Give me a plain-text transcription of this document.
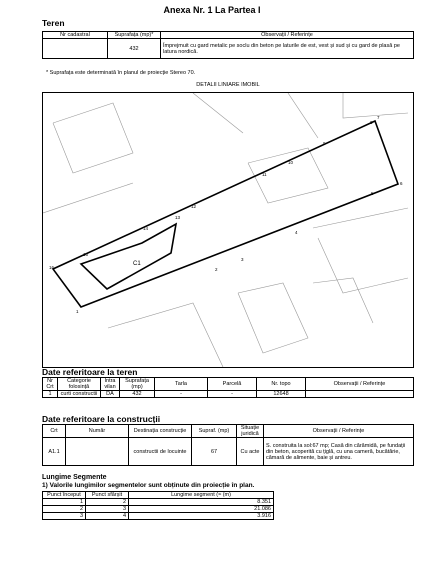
Anexa Nr. 1 La Partea I
Teren
Nr cadastral	Suprafața (mp)*	Observații / Referințe
	432	Împrejmuit cu gard metalic pe soclu din beton pe laturile de est, vest și sud și cu gard de plasă pe latura nordică.
* Suprafața este determinată în planul de proiecție Stereo 70.
DETALII LINIARE IMOBIL
C1
1
2
3
4
5
6
7
8
9
10
11
12
13
14
15
16
Date referitoare la teren
Nr Crt	Categorie folosință	Intra vilan	Suprafața (mp)	Tarla	Parcelă	Nr. topo	Observații / Referințe
1	curti constructii	DA	432	-	-	12648	
Date referitoare la construcții
Crt	Număr	Destinația construcție	Supraf. (mp)	Situație juridică	Observații / Referințe
A1.1		constructii de locuinte	67	Cu acte	S. construita la sol:67 mp; Casă din cărămidă, pe fundații din beton, acoperită cu țiglă, cu una cameră, bucătărie, cămară de alimente, baie și antreu.
Lungime Segmente
1) Valorile lungimilor segmentelor sunt obținute din proiecție în plan.
Punct început	Punct sfârșit	Lungime segment (≈ (m)
1	2	8.351
2	3	21.086
3	4	3.916
